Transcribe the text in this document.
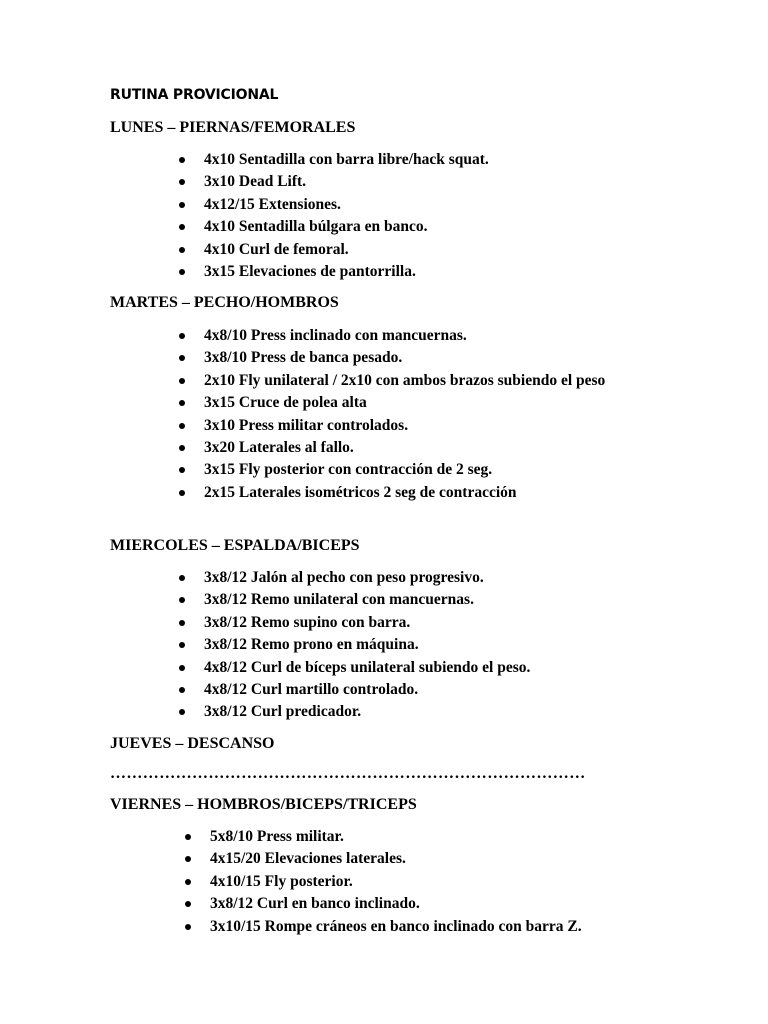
RUTINA PROVICIONAL
LUNES – PIERNAS/FEMORALES
4x10 Sentadilla con barra libre/hack squat.
3x10 Dead Lift.
4x12/15 Extensiones.
4x10 Sentadilla búlgara en banco.
4x10 Curl de femoral.
3x15 Elevaciones de pantorrilla.
MARTES – PECHO/HOMBROS
4x8/10 Press inclinado con mancuernas.
3x8/10 Press de banca pesado.
2x10 Fly unilateral / 2x10 con ambos brazos subiendo el peso
3x15 Cruce de polea alta
3x10 Press militar controlados.
3x20 Laterales al fallo.
3x15 Fly posterior con contracción de 2 seg.
2x15 Laterales isométricos 2 seg de contracción
MIERCOLES – ESPALDA/BICEPS
3x8/12 Jalón al pecho con peso progresivo.
3x8/12 Remo unilateral con mancuernas.
3x8/12 Remo supino con barra.
3x8/12 Remo prono en máquina.
4x8/12 Curl de bíceps unilateral subiendo el peso.
4x8/12 Curl martillo controlado.
3x8/12 Curl predicador.
JUEVES – DESCANSO
……………………………………………………………………………
VIERNES – HOMBROS/BICEPS/TRICEPS
5x8/10 Press militar.
4x15/20 Elevaciones laterales.
4x10/15 Fly posterior.
3x8/12 Curl en banco inclinado.
3x10/15 Rompe cráneos en banco inclinado con barra Z.
